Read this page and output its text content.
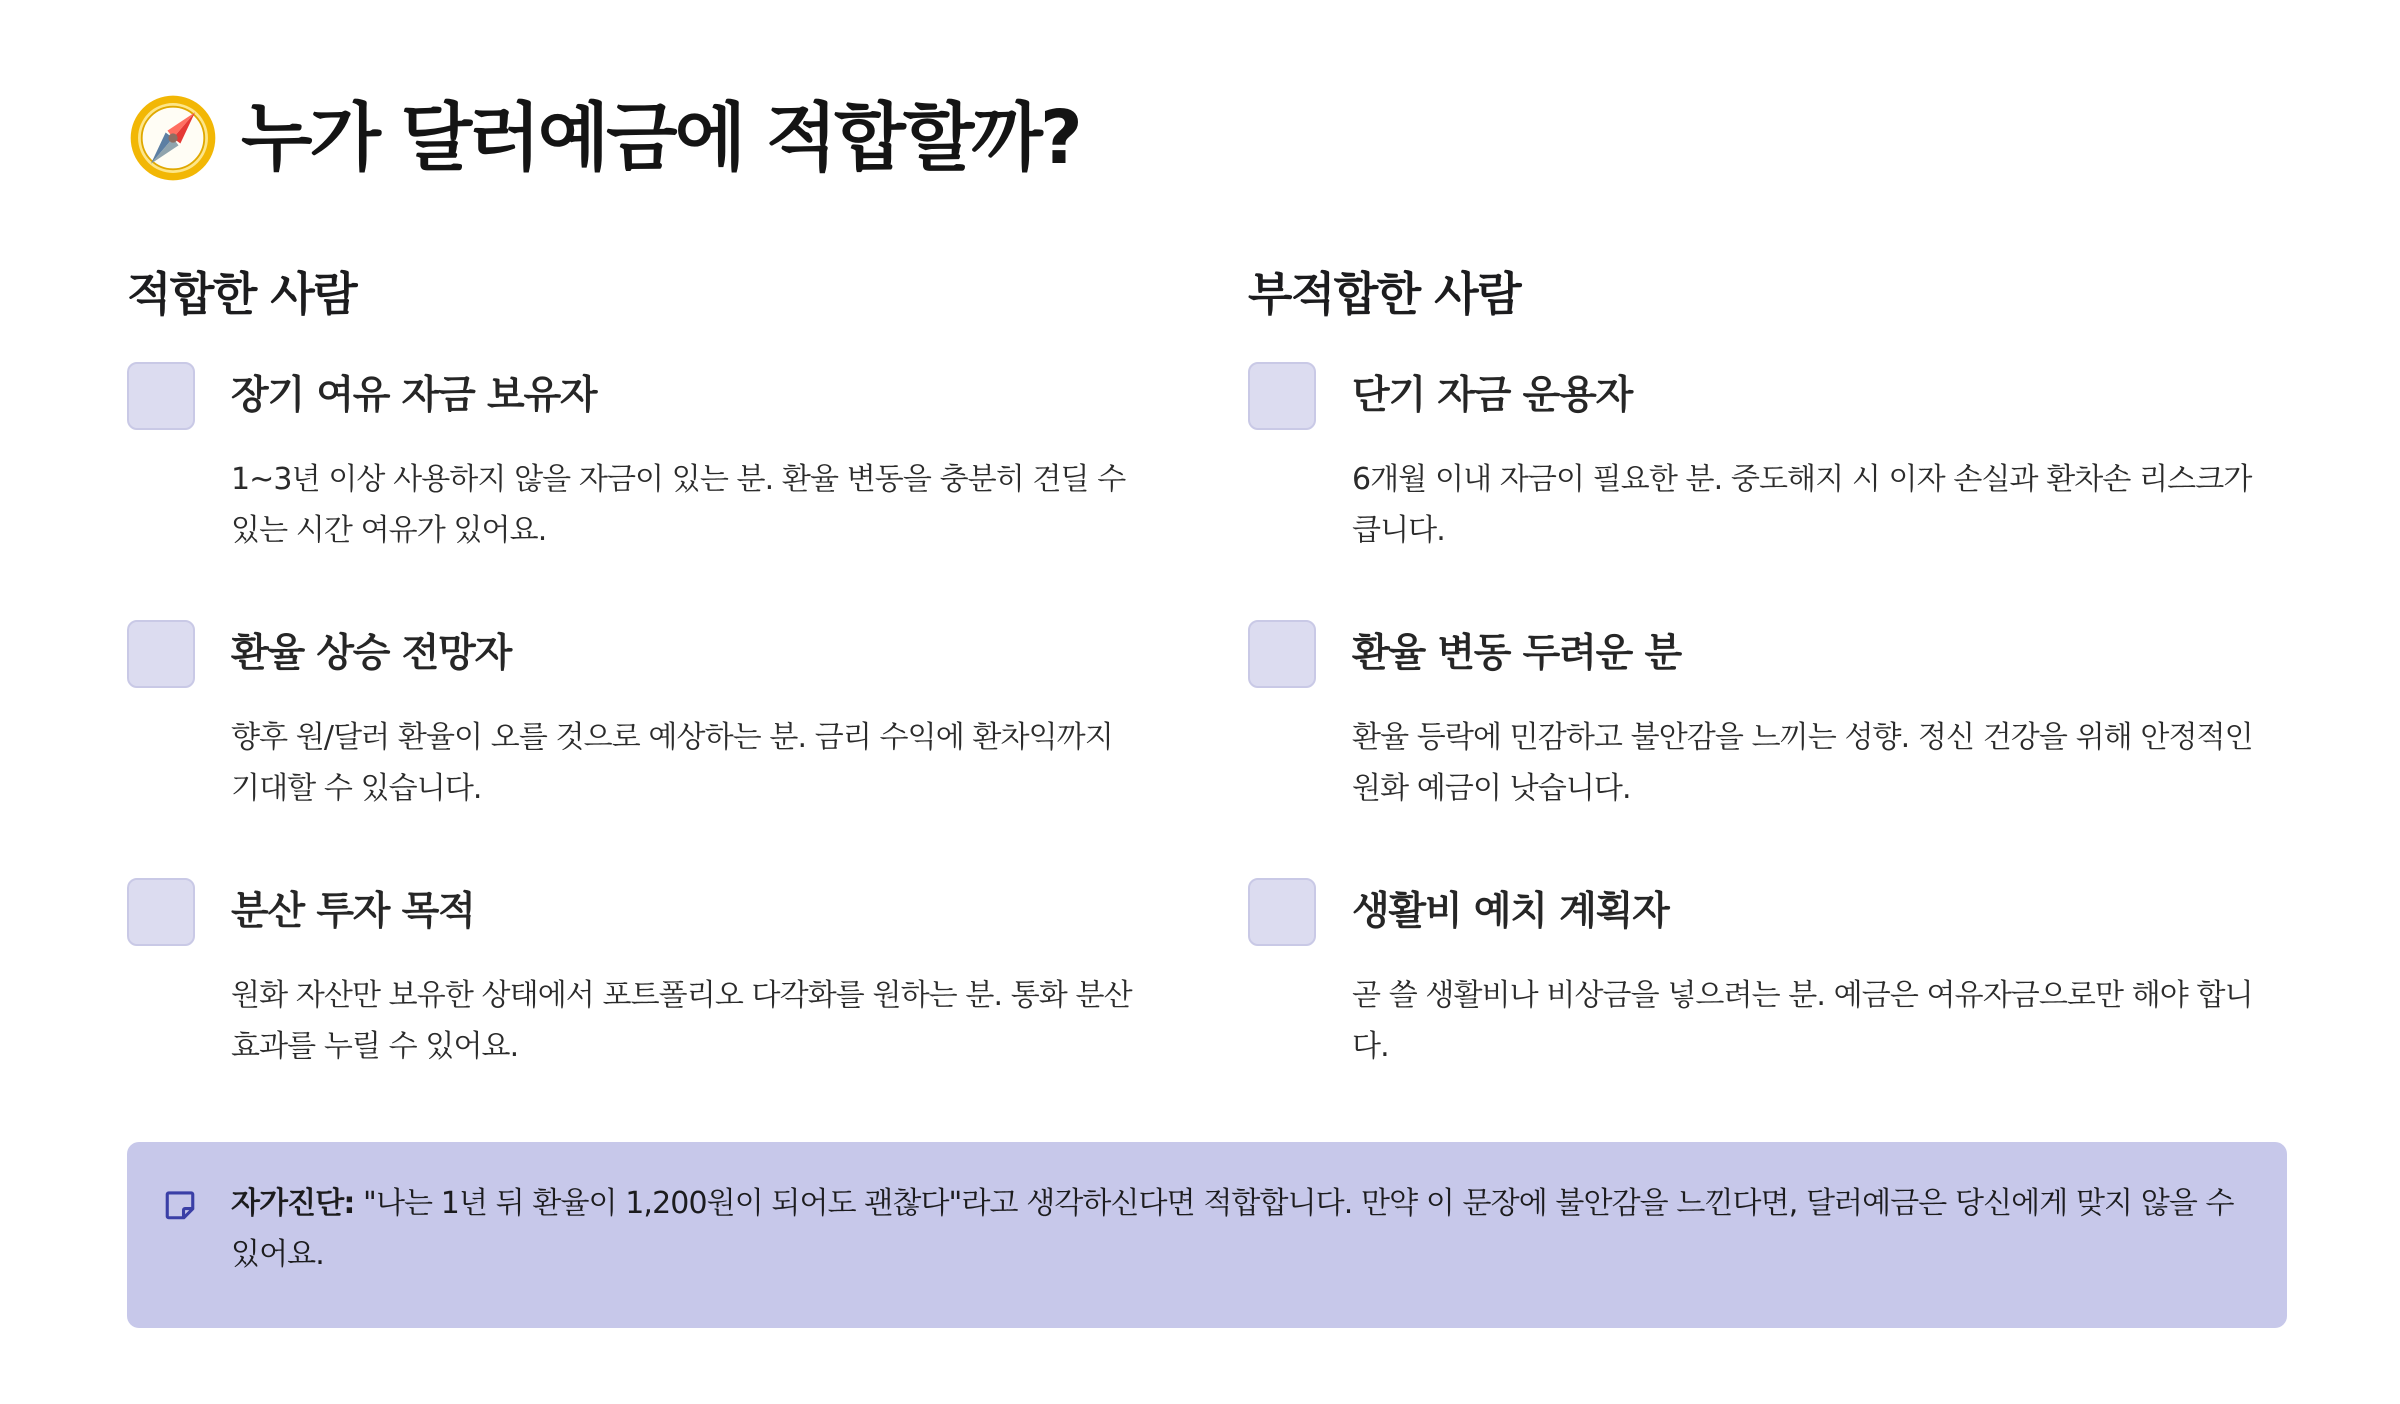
누가 달러예금에 적합할까?
적합한 사람
장기 여유 자금 보유자
1~3년 이상 사용하지 않을 자금이 있는 분. 환율 변동을 충분히 견딜 수 있는 시간 여유가 있어요.
환율 상승 전망자
향후 원/달러 환율이 오를 것으로 예상하는 분. 금리 수익에 환차익까지 기대할 수 있습니다.
분산 투자 목적
원화 자산만 보유한 상태에서 포트폴리오 다각화를 원하는 분. 통화 분산 효과를 누릴 수 있어요.
부적합한 사람
단기 자금 운용자
6개월 이내 자금이 필요한 분. 중도해지 시 이자 손실과 환차손 리스크가 큽니다.
환율 변동 두려운 분
환율 등락에 민감하고 불안감을 느끼는 성향. 정신 건강을 위해 안정적인 원화 예금이 낫습니다.
생활비 예치 계획자
곧 쓸 생활비나 비상금을 넣으려는 분. 예금은 여유자금으로만 해야 합니다.
자가진단: "나는 1년 뒤 환율이 1,200원이 되어도 괜찮다"라고 생각하신다면 적합합니다. 만약 이 문장에 불안감을 느낀다면, 달러예금은 당신에게 맞지 않을 수 있어요.
